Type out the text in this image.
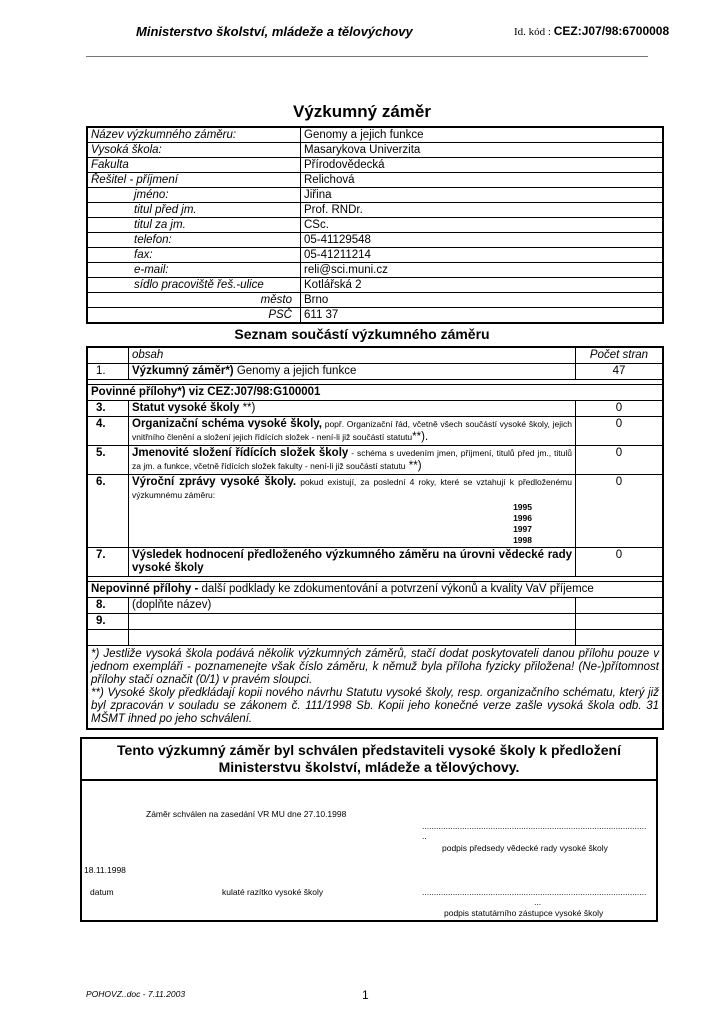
Ministerstvo školství, mládeže a tělovýchovy	Id. kód : CEZ:J07/98:6700008
Výzkumný záměr
Název výzkumného záměru:	Genomy a jejich funkce
Vysoká škola:	Masarykova Univerzita
Fakulta	Přírodovědecká
Řešitel - příjmení	Relichová
jméno:	Jiřina
titul před jm.	Prof. RNDr.
titul za jm.	CSc.
telefon:	05-41129548
fax:	05-41211214
e-mail:	reli@sci.muni.cz
sídlo pracoviště řeš.-ulice	Kotlářská 2
město	Brno
PSČ	611 37
Seznam součástí výzkumného záměru
	obsah	Počet stran
1.	Výzkumný záměr*) Genomy a jejich funkce	47

Povinné přílohy*) viz CEZ:J07/98:G100001		
3.	Statut vysoké školy **)	0
4.	Organizační schéma vysoké školy, popř. Organizační řád, včetně všech součástí vysoké školy, jejich vnitřního členění a složení jejich řídících složek - není-li již součástí statutu**).	0
5.	Jmenovité složení řídících složek školy - schéma s uvedením jmen, příjmení, titulů před jm., titulů za jm. a funkce, včetně řídících složek fakulty - není-li již součástí statutu **)	0
6.	Výroční zprávy vysoké školy. pokud existují, za poslední 4 roky, které se vztahují k předloženému výzkumnému záměru:
1995
1996
1997
1998	0
7.	Výsledek hodnocení předloženého výzkumného záměru na úrovni vědecké rady vysoké školy	0

Nepovinné přílohy - další podklady ke zdokumentování a potvrzení výkonů a kvality VaV příjemce		
8.	(doplňte název)	
9.		

*) Jestliže vysoká škola podává několik výzkumných záměrů, stačí dodat poskytovateli danou přílohu pouze v jednom exempláři - poznamenejte však číslo záměru, k němuž byla příloha fyzicky přiložena! (Ne-)přítomnost přílohy stačí označit (0/1) v pravém sloupci.
**) Vysoké školy předkládají kopii nového návrhu Statutu vysoké školy, resp. organizačního schématu, který již byl zpracován v souladu se zákonem č. 111/1998 Sb. Kopii jeho konečné verze zašle vysoká škola odb. 31 MŠMT ihned po jeho schválení.		
Tento výzkumný záměr byl schválen představiteli vysoké školy k předložení
Ministerstvu školství, mládeže a tělovýchovy.
Záměr schválen na zasedání VR MU dne 27.10.1998
...............................................................................................
..
podpis předsedy vědecké rady vysoké školy
18.11.1998
datum	kulaté razítko vysoké školy	...............................................................................................
...
podpis statutárního zástupce vysoké školy
POHOVZ..doc - 7.11.2003	1
